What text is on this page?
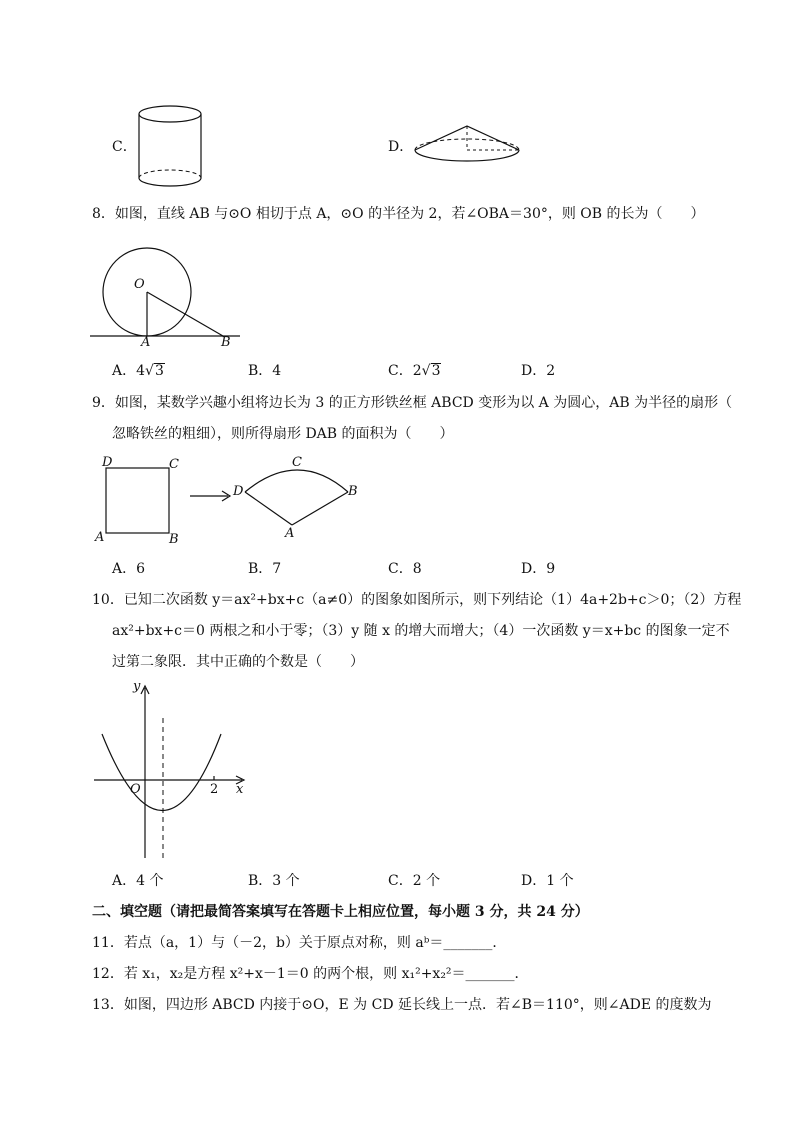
C．	D．
8．如图，直线 AB 与⊙O 相切于点 A，⊙O 的半径为 2，若∠OBA＝30°，则 OB 的长为（　　）
O
A	B
A．4√3	B．4	C．2√3	D．2
9．如图，某数学兴趣小组将边长为 3 的正方形铁丝框 ABCD 变形为以 A 为圆心，AB 为半径的扇形（
忽略铁丝的粗细），则所得扇形 DAB 的面积为（　　）
D	C
A	B
C
D	B
A
A．6	B．7	C．8	D．9
10．已知二次函数 y＝ax²+bx+c（a≠0）的图象如图所示，则下列结论（1）4a+2b+c＞0；（2）方程
ax²+bx+c＝0 两根之和小于零；（3）y 随 x 的增大而增大；（4）一次函数 y＝x+bc 的图象一定不
过第二象限．其中正确的个数是（　　）
y
x
O	2
A．4 个	B．3 个	C．2 个	D．1 个
二、填空题（请把最简答案填写在答题卡上相应位置，每小题 3 分，共 24 分）
11．若点（a，1）与（－2，b）关于原点对称，则 aᵇ＝_______．
12．若 x₁，x₂是方程 x²+x－1＝0 的两个根，则 x₁²+x₂²＝_______．
13．如图，四边形 ABCD 内接于⊙O，E 为 CD 延长线上一点．若∠B＝110°，则∠ADE 的度数为
